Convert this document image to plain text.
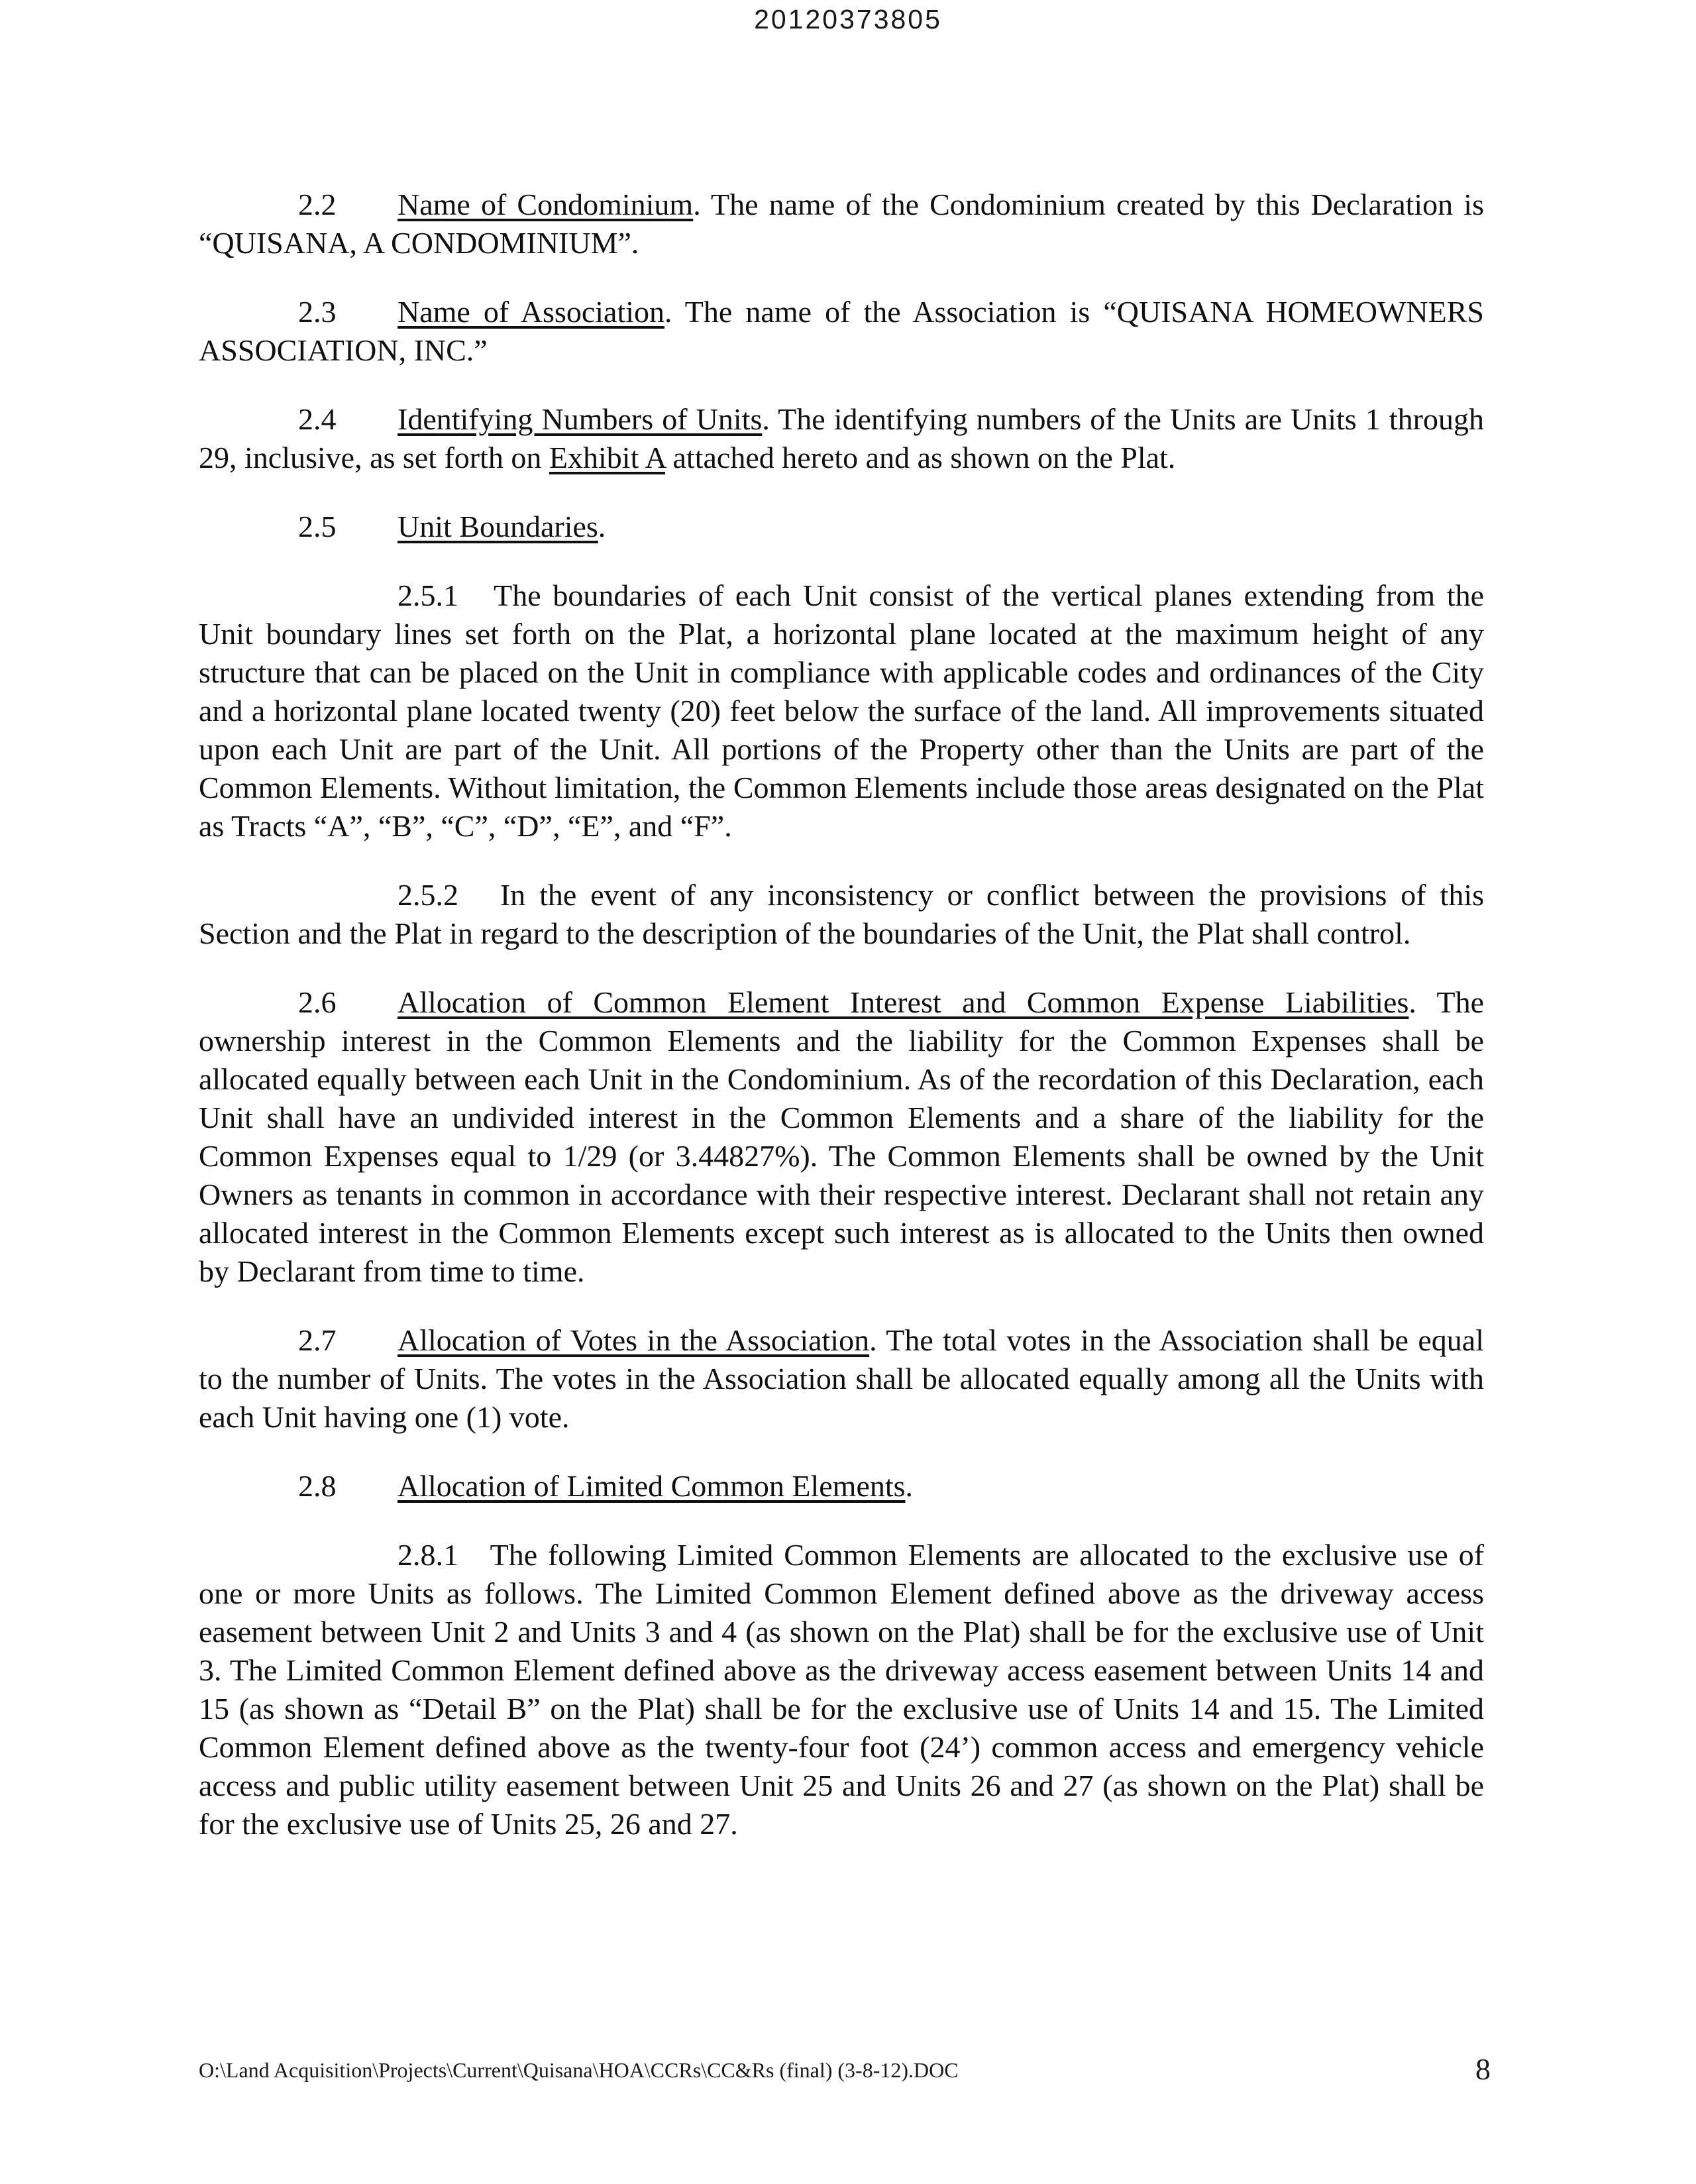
20120373805

2.2 Name of Condominium. The name of the Condominium created by this Declaration is “QUISANA, A CONDOMINIUM”.

2.3 Name of Association. The name of the Association is “QUISANA HOMEOWNERS ASSOCIATION, INC.”

2.4 Identifying Numbers of Units. The identifying numbers of the Units are Units 1 through 29, inclusive, as set forth on Exhibit A attached hereto and as shown on the Plat.

2.5 Unit Boundaries.

2.5.1 The boundaries of each Unit consist of the vertical planes extending from the Unit boundary lines set forth on the Plat, a horizontal plane located at the maximum height of any structure that can be placed on the Unit in compliance with applicable codes and ordinances of the City and a horizontal plane located twenty (20) feet below the surface of the land. All improvements situated upon each Unit are part of the Unit. All portions of the Property other than the Units are part of the Common Elements. Without limitation, the Common Elements include those areas designated on the Plat as Tracts “A”, “B”, “C”, “D”, “E”, and “F”.

2.5.2 In the event of any inconsistency or conflict between the provisions of this Section and the Plat in regard to the description of the boundaries of the Unit, the Plat shall control.

2.6 Allocation of Common Element Interest and Common Expense Liabilities. The ownership interest in the Common Elements and the liability for the Common Expenses shall be allocated equally between each Unit in the Condominium. As of the recordation of this Declaration, each Unit shall have an undivided interest in the Common Elements and a share of the liability for the Common Expenses equal to 1/29 (or 3.44827%). The Common Elements shall be owned by the Unit Owners as tenants in common in accordance with their respective interest. Declarant shall not retain any allocated interest in the Common Elements except such interest as is allocated to the Units then owned by Declarant from time to time.

2.7 Allocation of Votes in the Association. The total votes in the Association shall be equal to the number of Units. The votes in the Association shall be allocated equally among all the Units with each Unit having one (1) vote.

2.8 Allocation of Limited Common Elements.

2.8.1 The following Limited Common Elements are allocated to the exclusive use of one or more Units as follows. The Limited Common Element defined above as the driveway access easement between Unit 2 and Units 3 and 4 (as shown on the Plat) shall be for the exclusive use of Unit 3. The Limited Common Element defined above as the driveway access easement between Units 14 and 15 (as shown as “Detail B” on the Plat) shall be for the exclusive use of Units 14 and 15. The Limited Common Element defined above as the twenty-four foot (24’) common access and emergency vehicle access and public utility easement between Unit 25 and Units 26 and 27 (as shown on the Plat) shall be for the exclusive use of Units 25, 26 and 27.

O:\Land Acquisition\Projects\Current\Quisana\HOA\CCRs\CC&Rs (final) (3-8-12).DOC	8
